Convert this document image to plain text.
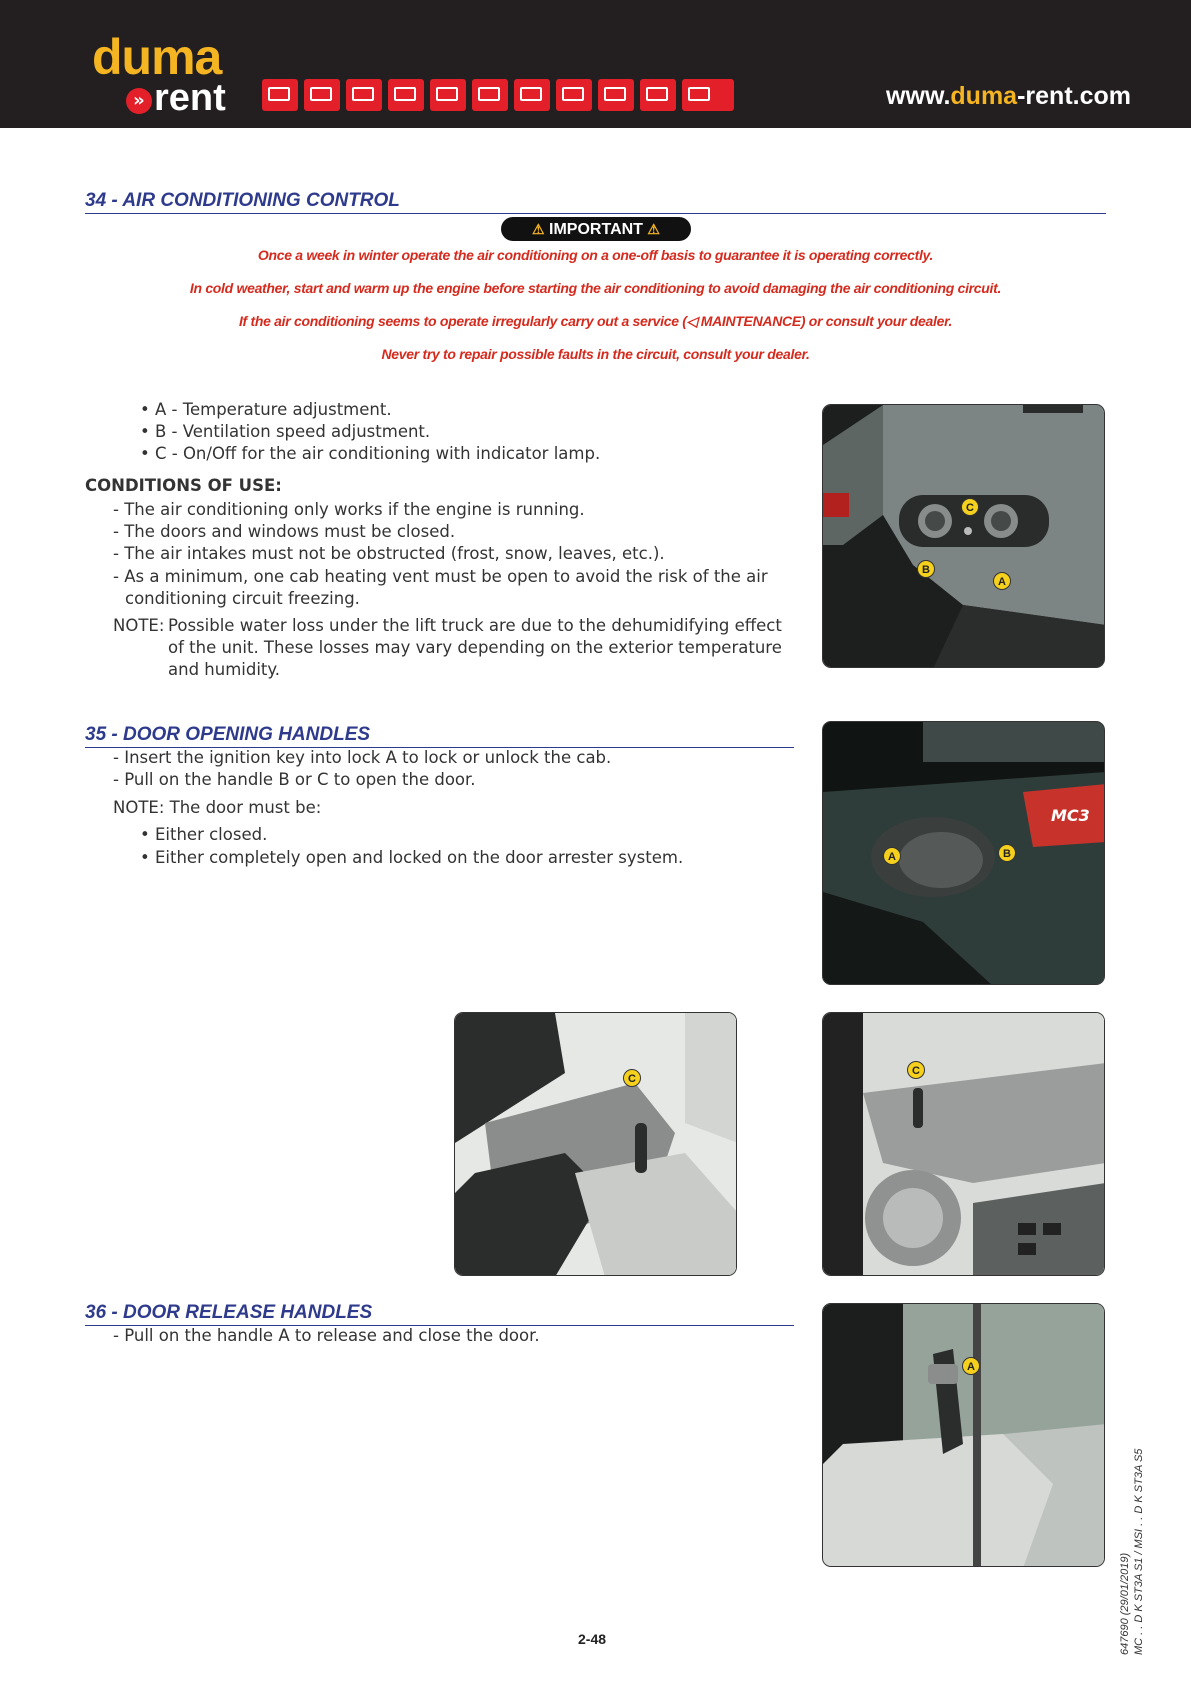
duma
» rent	www.duma-rent.com
34 - AIR CONDITIONING CONTROL
⚠ IMPORTANT ⚠
Once a week in winter operate the air conditioning on a one-off basis to guarantee it is operating correctly.
In cold weather, start and warm up the engine before starting the air conditioning to avoid damaging the air conditioning circuit.
If the air conditioning seems to operate irregularly carry out a service (◁ MAINTENANCE) or consult your dealer.
Never try to repair possible faults in the circuit, consult your dealer.
• A - Temperature adjustment.
• B - Ventilation speed adjustment.
• C - On/Off for the air conditioning with indicator lamp.
CONDITIONS OF USE:
- The air conditioning only works if the engine is running.
- The doors and windows must be closed.
- The air intakes must not be obstructed (frost, snow, leaves, etc.).
- As a minimum, one cab heating vent must be open to avoid the risk of the air
conditioning circuit freezing.
NOTE: Possible water loss under the lift truck are due to the dehumidifying effect
of the unit. These losses may vary depending on the exterior temperature
and humidity.
C
B
A
35 - DOOR OPENING HANDLES
- Insert the ignition key into lock A to lock or unlock the cab.
- Pull on the handle B or C to open the door.
NOTE: The door must be:
• Either closed.
• Either completely open and locked on the door arrester system.
MC3
A	B
C
C
36 - DOOR RELEASE HANDLES
- Pull on the handle A to release and close the door.
A
2-48	647690 (29/01/2019) MC . . D K ST3A S1 / MSI . . D K ST3A S5
